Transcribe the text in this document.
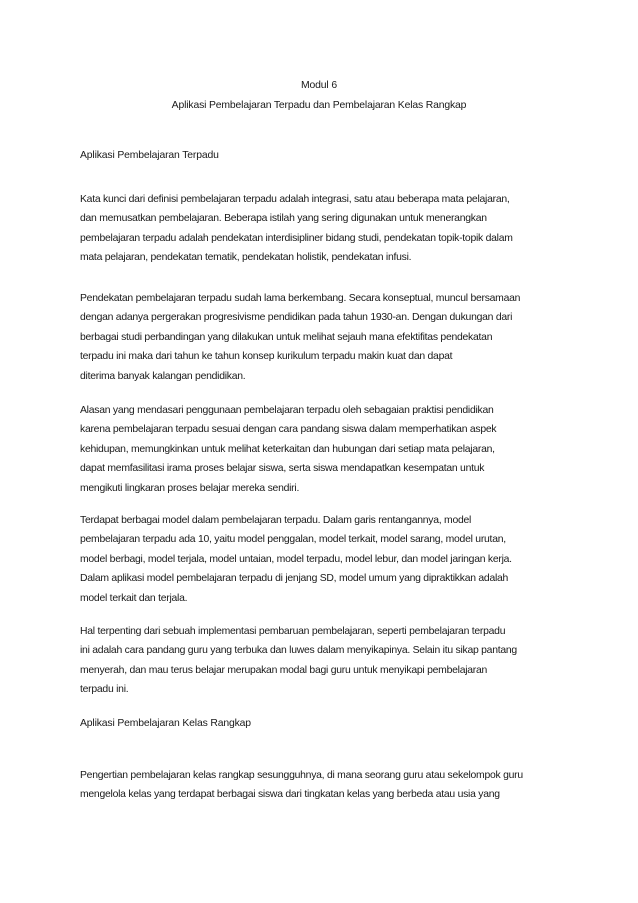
Modul 6
Aplikasi Pembelajaran Terpadu dan Pembelajaran Kelas Rangkap
Aplikasi Pembelajaran Terpadu
Kata kunci dari definisi pembelajaran terpadu adalah integrasi, satu atau beberapa mata pelajaran,
dan memusatkan pembelajaran. Beberapa istilah yang sering digunakan untuk menerangkan
pembelajaran terpadu adalah pendekatan interdisipliner bidang studi, pendekatan topik-topik dalam
mata pelajaran, pendekatan tematik, pendekatan holistik, pendekatan infusi.
Pendekatan pembelajaran terpadu sudah lama berkembang. Secara konseptual, muncul bersamaan
dengan adanya pergerakan progresivisme pendidikan pada tahun 1930-an. Dengan dukungan dari
berbagai studi perbandingan yang dilakukan untuk melihat sejauh mana efektifitas pendekatan
terpadu ini maka dari tahun ke tahun konsep kurikulum terpadu makin kuat dan dapat
diterima banyak kalangan pendidikan.
Alasan yang mendasari penggunaan pembelajaran terpadu oleh sebagaian praktisi pendidikan
karena pembelajaran terpadu sesuai dengan cara pandang siswa dalam memperhatikan aspek
kehidupan, memungkinkan untuk melihat keterkaitan dan hubungan dari setiap mata pelajaran,
dapat memfasilitasi irama proses belajar siswa, serta siswa mendapatkan kesempatan untuk
mengikuti lingkaran proses belajar mereka sendiri.
Terdapat berbagai model dalam pembelajaran terpadu. Dalam garis rentangannya, model
pembelajaran terpadu ada 10, yaitu model penggalan, model terkait, model sarang, model urutan,
model berbagi, model terjala, model untaian, model terpadu, model lebur, dan model jaringan kerja.
Dalam aplikasi model pembelajaran terpadu di jenjang SD, model umum yang dipraktikkan adalah
model terkait dan terjala.
Hal terpenting dari sebuah implementasi pembaruan pembelajaran, seperti pembelajaran terpadu
ini adalah cara pandang guru yang terbuka dan luwes dalam menyikapinya. Selain itu sikap pantang
menyerah, dan mau terus belajar merupakan modal bagi guru untuk menyikapi pembelajaran
terpadu ini.
Aplikasi Pembelajaran Kelas Rangkap
Pengertian pembelajaran kelas rangkap sesungguhnya, di mana seorang guru atau sekelompok guru
mengelola kelas yang terdapat berbagai siswa dari tingkatan kelas yang berbeda atau usia yang
